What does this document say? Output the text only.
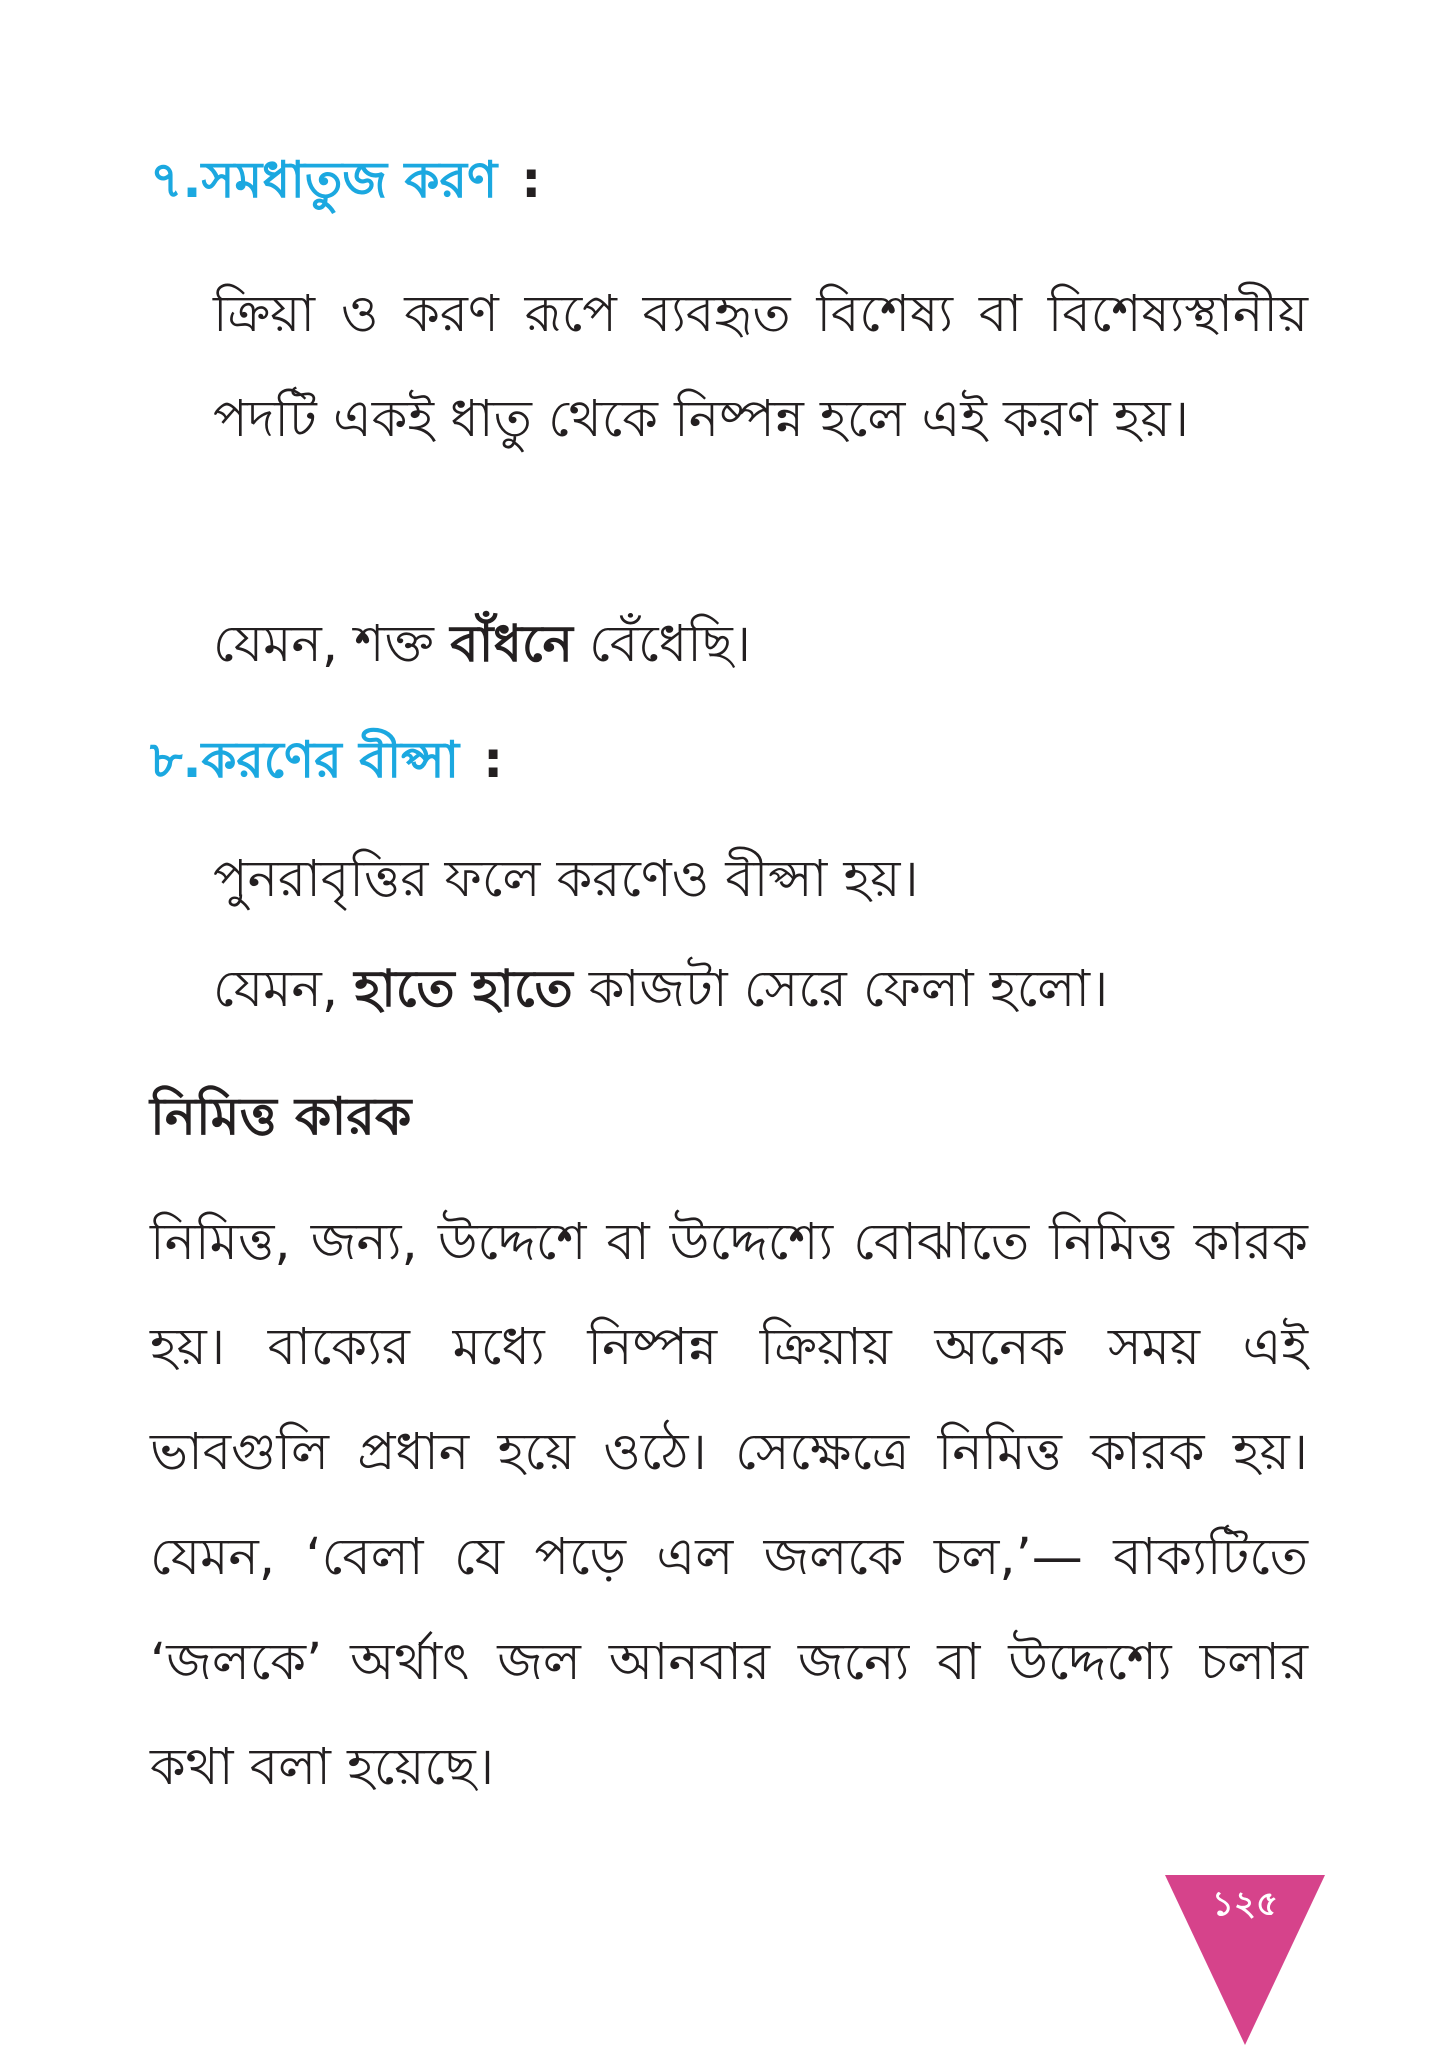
৭.সমধাতুজ করণ :
ক্রিয়া ও করণ রূপে ব্যবহৃত বিশেষ্য বা বিশেষ্যস্থানীয় পদটি একই ধাতু থেকে নিষ্পন্ন হলে এই করণ হয়।
যেমন, শক্ত বাঁধনে বেঁধেছি।
৮.করণের বীপ্সা :
পুনরাবৃত্তির ফলে করণেও বীপ্সা হয়।
যেমন, হাতে হাতে কাজটা সেরে ফেলা হলো।
নিমিত্ত কারক
নিমিত্ত, জন্য, উদ্দেশে বা উদ্দেশ্যে বোঝাতে নিমিত্ত কারক হয়। বাক্যের মধ্যে নিষ্পন্ন ক্রিয়ায় অনেক সময় এই ভাবগুলি প্রধান হয়ে ওঠে। সেক্ষেত্রে নিমিত্ত কারক হয়। যেমন, ‘বেলা যে পড়ে এল জলকে চল,’— বাক্যটিতে ‘জলকে’ অর্থাৎ জল আনবার জন্যে বা উদ্দেশ্যে চলার কথা বলা হয়েছে।
১২৫
